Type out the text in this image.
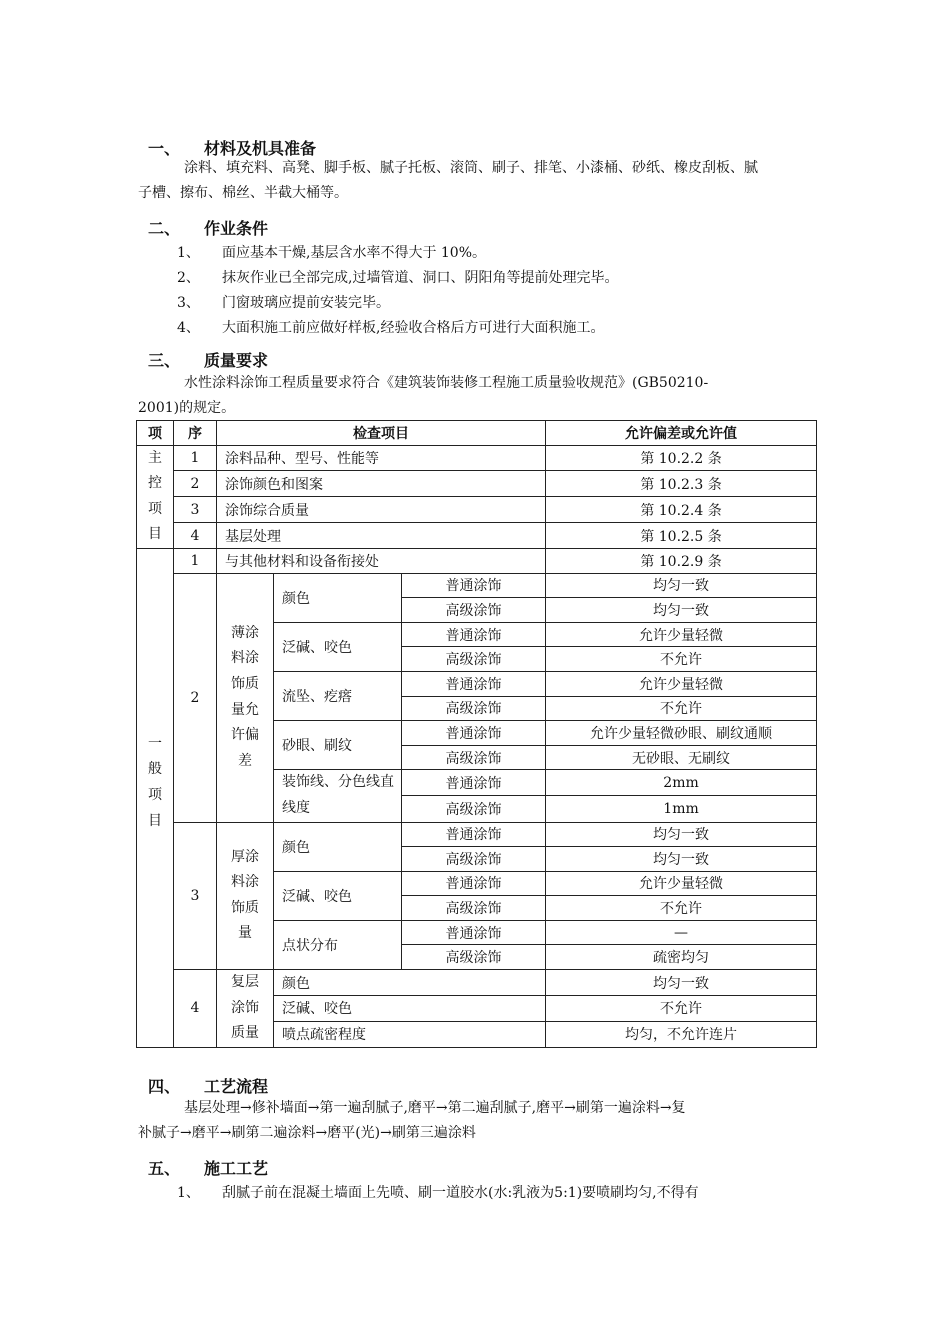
一、 材料及机具准备
涂料、填充料、高凳、脚手板、腻子托板、滚筒、刷子、排笔、小漆桶、砂纸、橡皮刮板、腻
子槽、擦布、棉丝、半截大桶等。
二、 作业条件
1、 面应基本干燥,基层含水率不得大于 10%。
2、 抹灰作业已全部完成,过墙管道、洞口、阴阳角等提前处理完毕。
3、 门窗玻璃应提前安装完毕。
4、 大面积施工前应做好样板,经验收合格后方可进行大面积施工。
三、 质量要求
水性涂料涂饰工程质量要求符合《建筑装饰装修工程施工质量验收规范》(GB50210-
2001)的规定。
项	序	检查项目			允许偏差或允许值
主控项目	1	涂料品种、型号、性能等			第 10.2.2 条
	2	涂饰颜色和图案			第 10.2.3 条
	3	涂饰综合质量			第 10.2.4 条
	4	基层处理			第 10.2.5 条

一般项目	1	与其他材料和设备衔接处			第 10.2.9 条
	2	薄涂料涂饰质量允许偏差	颜色	普通涂饰	均匀一致
				高级涂饰	均匀一致
			泛碱、咬色	普通涂饰	允许少量轻微
				高级涂饰	不允许
			流坠、疙瘩	普通涂饰	允许少量轻微
				高级涂饰	不允许
			砂眼、刷纹	普通涂饰	允许少量轻微砂眼、刷纹通顺
				高级涂饰	无砂眼、无刷纹
			装饰线、分色线直线度	普通涂饰	2mm
				高级涂饰	1mm
	3	厚涂料涂饰质量	颜色	普通涂饰	均匀一致
				高级涂饰	均匀一致
			泛碱、咬色	普通涂饰	允许少量轻微
				高级涂饰	不允许
			点状分布	普通涂饰	—
				高级涂饰	疏密均匀
	4	复层涂饰质量	颜色		均匀一致
			泛碱、咬色		不允许
			喷点疏密程度		均匀，不允许连片
四、 工艺流程
基层处理→修补墙面→第一遍刮腻子,磨平→第二遍刮腻子,磨平→刷第一遍涂料→复
补腻子→磨平→刷第二遍涂料→磨平(光)→刷第三遍涂料
五、 施工工艺
1、 刮腻子前在混凝土墙面上先喷、刷一道胶水(水:乳液为5:1)要喷刷均匀,不得有
